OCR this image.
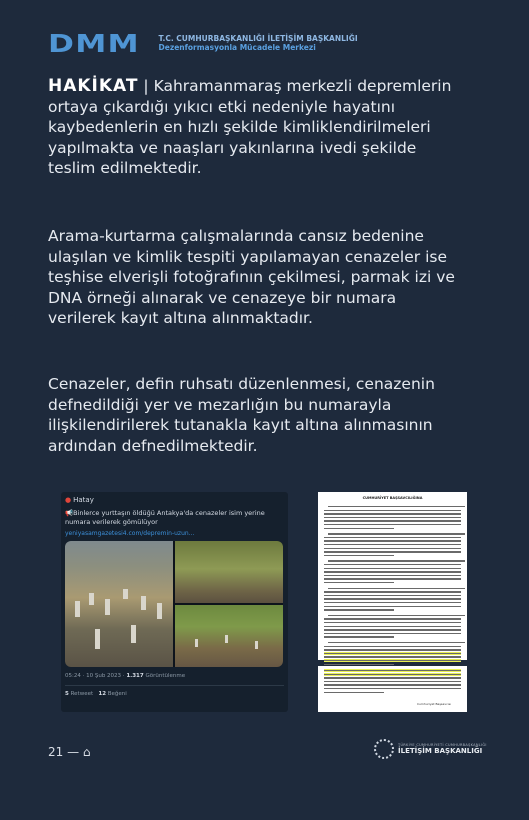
DMM T.C. CUMHURBAŞKANLIĞI İLETİŞİM BAŞKANLIĞI
Dezenformasyonla Mücadele Merkezi
HAKİKAT | Kahramanmaraş merkezli depremlerin ortaya çıkardığı yıkıcı etki nedeniyle hayatını kaybedenlerin en hızlı şekilde kimliklendirilmeleri yapılmakta ve naaşları yakınlarına ivedi şekilde teslim edilmektedir.
Arama-kurtarma çalışmalarında cansız bedenine ulaşılan ve kimlik tespiti yapılamayan cenazeler ise teşhise elverişli fotoğrafının çekilmesi, parmak izi ve DNA örneği alınarak ve cenazeye bir numara verilerek kayıt altına alınmaktadır.
Cenazeler, defin ruhsatı düzenlenmesi, cenazenin defnedildiği yer ve mezarlığın bu numarayla ilişkilendirilerek tutanakla kayıt altına alınmasının ardından defnedilmektedir.
● Hatay
📢Binlerce yurttaşın öldüğü Antakya'da cenazeler isim yerine numara verilerek gömülüyor
yeniyasamgazetesi4.com/depremin-uzun...
05:24 · 10 Şub 2023 · 1.317 Görüntülenme
5 Retweet 12 Beğeni
CUMHURİYET BAŞSAVCILIĞINA
Cumhuriyet Başsavcısı
21 — ⌂	TÜRKİYE CUMHURİYETİ CUMHURBAŞKANLIĞI
İLETİŞİM BAŞKANLIĞI
